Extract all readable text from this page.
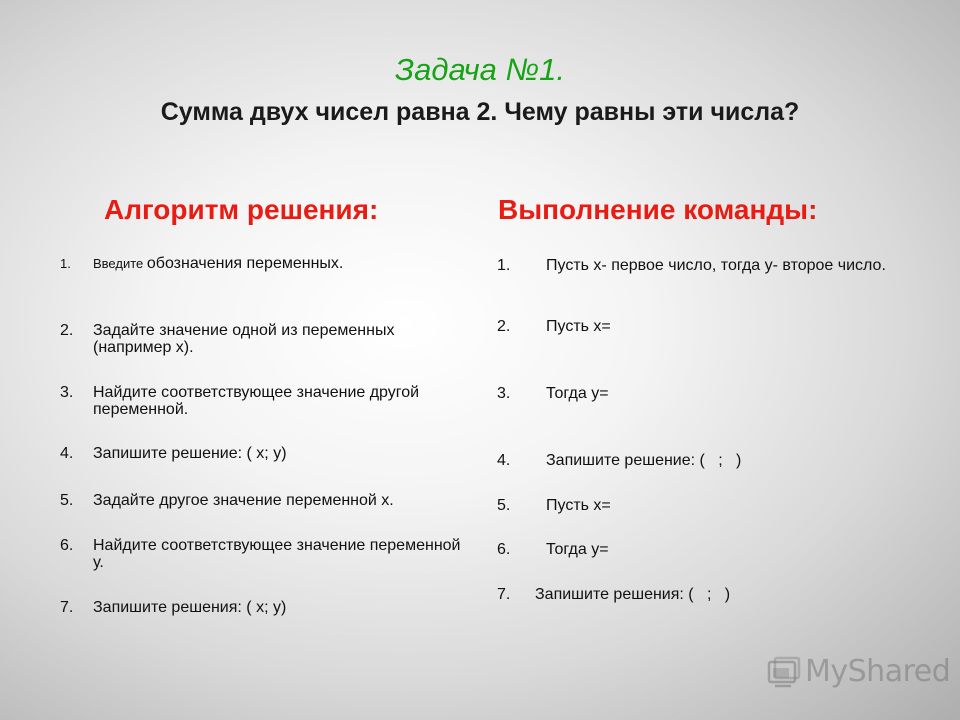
Задача №1.
Сумма двух чисел равна 2. Чему равны эти числа?
Алгоритм решения:	Выполнение команды:
1. Введите обозначения переменных.
2. Задайте значение одной из переменных (например х).
3. Найдите соответствующее значение другой переменной.
4. Запишите решение: ( х; у)
5. Задайте другое значение переменной х.
6. Найдите соответствующее значение переменной у.
7. Запишите решения: ( х; у)
1. Пусть х- первое число, тогда у- второе число.
2. Пусть х=
3. Тогда у=
4. Запишите решение: (   ;   )
5. Пусть х=
6. Тогда у=
7. Запишите решения: (   ;   )
MyShared
